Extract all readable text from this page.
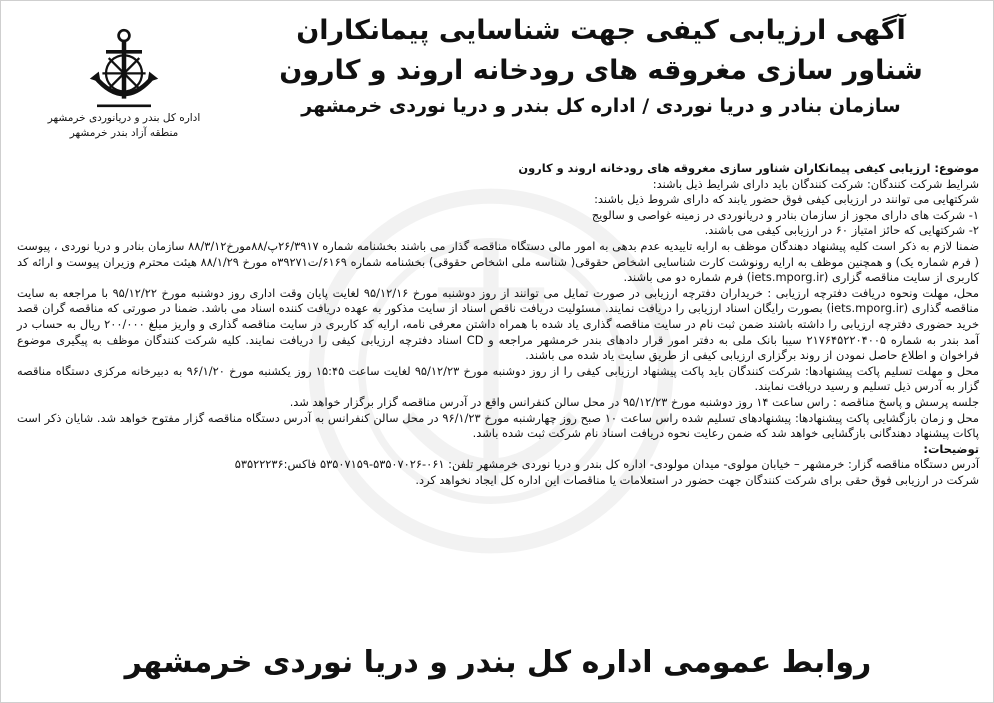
آگهی ارزیابی کیفی جهت شناسایی پیمانکاران

شناور سازی مغروقه های رودخانه اروند و کارون

سازمان بنادر و دریا نوردی / اداره کل بندر و دریا نوردی خرمشهر

اداره کل بندر و دریانوردی خرمشهر
منطقه آزاد بندر خرمشهر

موضوع: ارزیابی کیفی پیمانکاران شناور سازی مغروقه های رودخانه اروند و کارون

شرایط شرکت کنندگان: شرکت کنندگان باید دارای شرایط ذیل باشند:

شرکتهایی می توانند در ارزیابی کیفی فوق حضور یابند که دارای شروط ذیل باشند:

۱- شرکت های دارای مجوز از سازمان بنادر و دریانوردی در زمینه غواصی و سالویج

۲- شرکتهایی که حائز امتیاز ۶۰ در ارزیابی کیفی می باشند.

ضمنا لازم به ذکر است کلیه پیشنهاد دهندگان موظف به ارایه تاییدیه عدم بدهی به امور مالی دستگاه مناقصه گذار می باشند بخشنامه شماره ۲۶/۳۹۱۷پ/۸۸مورخ۸۸/۳/۱۲ سازمان بنادر و دریا نوردی ، پیوست ( فرم شماره یک) و همچنین موظف به ارایه رونوشت کارت شناسایی اشخاص حقوقی( شناسه ملی اشخاص حقوقی) بخشنامه شماره ۶۱۶۹/ت۳۹۲۷۱ه مورخ ۸۸/۱/۲۹ هیئت محترم وزیران پیوست و ارائه کد کاربری از سایت مناقصه گزاری (iets.mporg.ir) فرم شماره دو می باشند.

محل، مهلت ونحوه دریافت دفترچه ارزیابی : خریداران دفترچه ارزیابی در صورت تمایل می توانند از روز دوشنبه مورخ ۹۵/۱۲/۱۶ لغایت پایان وقت اداری روز دوشنبه مورخ ۹۵/۱۲/۲۲ با مراجعه به سایت مناقصه گذاری (iets.mporg.ir) بصورت رایگان اسناد ارزیابی را دریافت نمایند. مسئولیت دریافت ناقص اسناد از سایت مذکور به عهده دریافت کننده اسناد می باشد. ضمنا در صورتی که مناقصه گران قصد خرید حضوری دفترچه ارزیابی را داشته باشند ضمن ثبت نام در سایت مناقصه گذاری یاد شده با همراه داشتن معرفی نامه، ارایه کد کاربری در سایت مناقصه گذاری و واریز مبلغ ۲۰۰/۰۰۰ ریال به حساب در آمد بندر به شماره ۲۱۷۶۴۵۲۲۰۴۰۰۵ سیبا بانک ملی به دفتر امور قرار دادهای بندر خرمشهر مراجعه و CD اسناد دفترچه ارزیابی کیفی را دریافت نمایند. کلیه شرکت کنندگان موظف به پیگیری موضوع فراخوان و اطلاع حاصل نمودن از روند برگزاری ارزیابی کیفی از طریق سایت یاد شده می باشند.

محل و مهلت تسلیم پاکت پیشنهادها: شرکت کنندگان باید پاکت پیشنهاد ارزیابی کیفی را از روز دوشنبه مورخ ۹۵/۱۲/۲۳ لغایت ساعت ۱۵:۴۵ روز یکشنبه مورخ ۹۶/۱/۲۰ به دبیرخانه مرکزی دستگاه مناقصه گزار به آدرس ذیل تسلیم و رسید دریافت نمایند.

جلسه پرسش و پاسخ مناقصه : راس ساعت ۱۴ روز دوشنبه مورخ ۹۵/۱۲/۲۳ در محل سالن کنفرانس واقع در آدرس مناقصه گزار برگزار خواهد شد.

محل و زمان بازگشایی پاکت پیشنهادها: پیشنهادهای تسلیم شده راس ساعت ۱۰ صبح روز چهارشنبه مورخ ۹۶/۱/۲۳ در محل سالن کنفرانس به آدرس دستگاه مناقصه گزار مفتوح خواهد شد. شایان ذکر است پاکات پیشنهاد دهندگانی بازگشایی خواهد شد که ضمن رعایت نحوه دریافت اسناد نام شرکت ثبت شده باشد.

توضیحات:

آدرس دستگاه مناقصه گزار: خرمشهر – خیابان مولوی- میدان مولودی- اداره کل بندر و دریا نوردی خرمشهر تلفن: ۰۶۱-۵۳۵۰۷۰۲۶-۵۳۵۰۷۱۵۹ فاکس:۵۳۵۲۲۲۳۶

شرکت در ارزیابی فوق حقی برای شرکت کنندگان جهت حضور در استعلامات یا مناقصات این اداره کل ایجاد نخواهد کرد.

روابط عمومی اداره کل بندر و دریا نوردی خرمشهر
